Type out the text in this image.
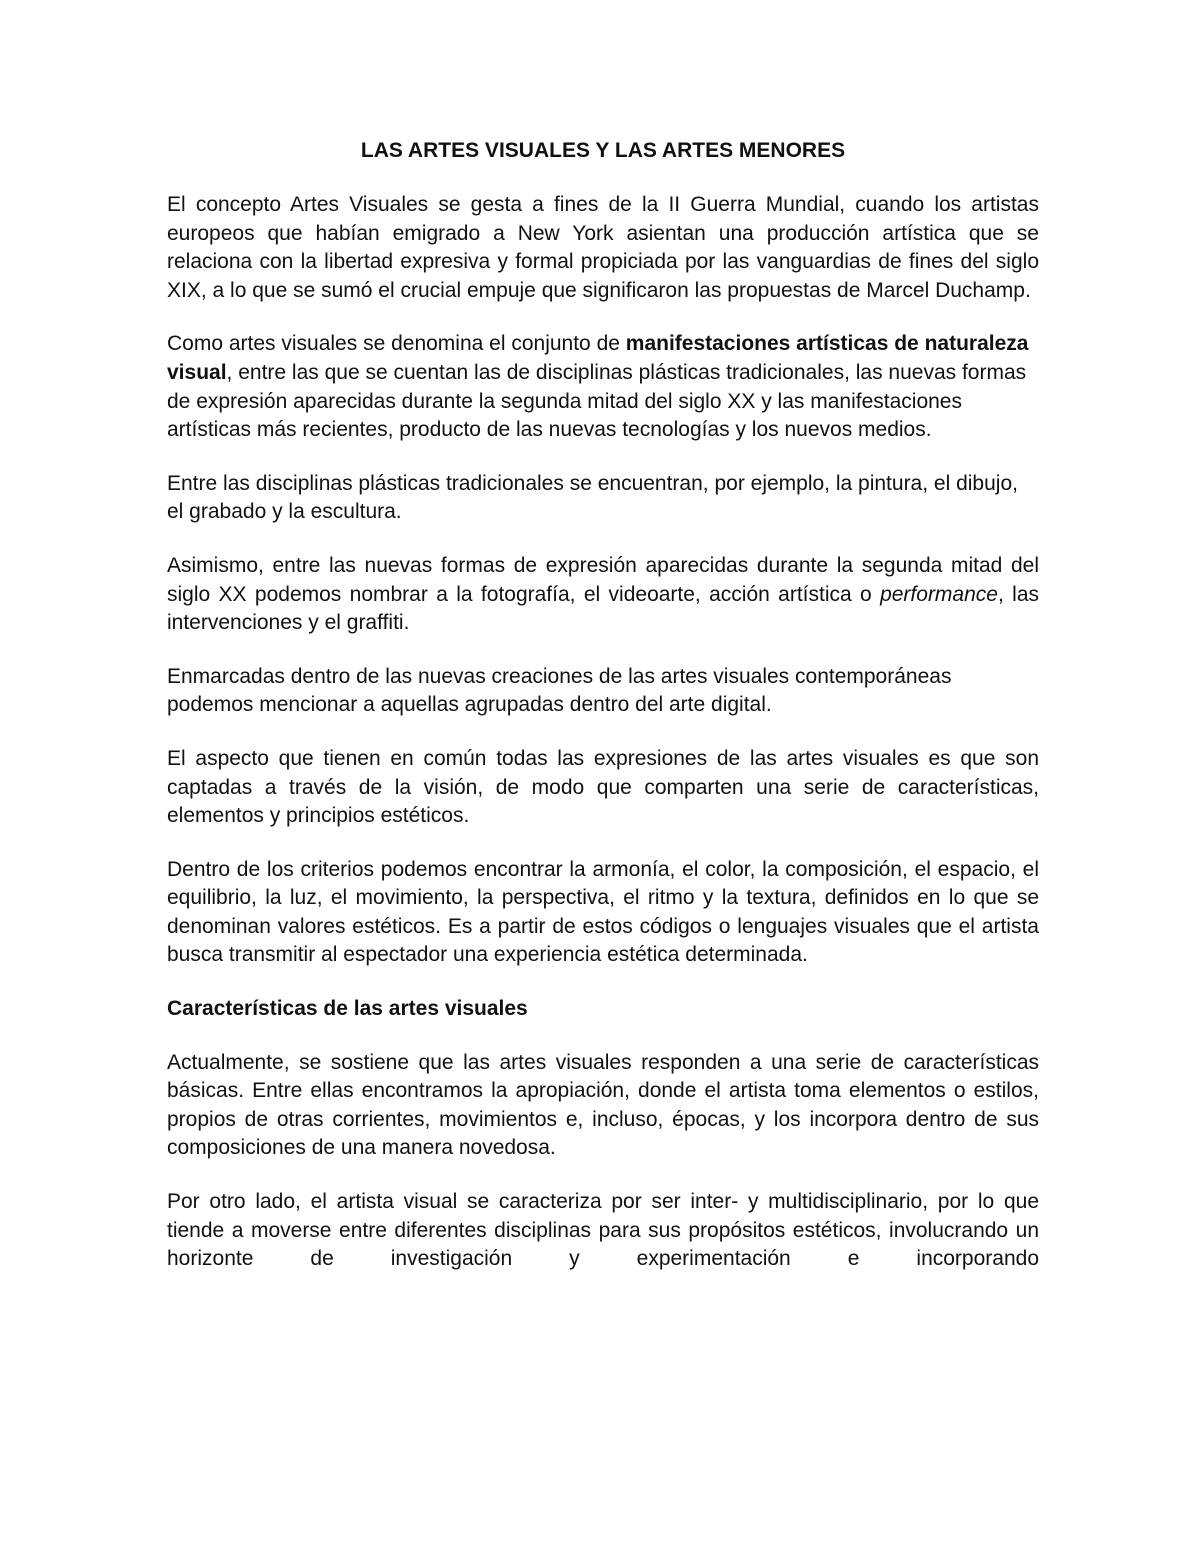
LAS ARTES VISUALES Y LAS ARTES MENORES

El concepto Artes Visuales se gesta a fines de la II Guerra Mundial, cuando los artistas europeos que habían emigrado a New York asientan una producción artística que se relaciona con la libertad expresiva y formal propiciada por las vanguardias de fines del siglo XIX, a lo que se sumó el crucial empuje que significaron las propuestas de Marcel Duchamp.

Como artes visuales se denomina el conjunto de manifestaciones artísticas de naturaleza visual, entre las que se cuentan las de disciplinas plásticas tradicionales, las nuevas formas de expresión aparecidas durante la segunda mitad del siglo XX y las manifestaciones artísticas más recientes, producto de las nuevas tecnologías y los nuevos medios.

Entre las disciplinas plásticas tradicionales se encuentran, por ejemplo, la pintura, el dibujo, el grabado y la escultura.

Asimismo, entre las nuevas formas de expresión aparecidas durante la segunda mitad del siglo XX podemos nombrar a la fotografía, el videoarte, acción artística o performance, las intervenciones y el graffiti.

Enmarcadas dentro de las nuevas creaciones de las artes visuales contemporáneas podemos mencionar a aquellas agrupadas dentro del arte digital.

El aspecto que tienen en común todas las expresiones de las artes visuales es que son captadas a través de la visión, de modo que comparten una serie de características, elementos y principios estéticos.

Dentro de los criterios podemos encontrar la armonía, el color, la composición, el espacio, el equilibrio, la luz, el movimiento, la perspectiva, el ritmo y la textura, definidos en lo que se denominan valores estéticos. Es a partir de estos códigos o lenguajes visuales que el artista busca transmitir al espectador una experiencia estética determinada.

Características de las artes visuales

Actualmente, se sostiene que las artes visuales responden a una serie de características básicas. Entre ellas encontramos la apropiación, donde el artista toma elementos o estilos, propios de otras corrientes, movimientos e, incluso, épocas, y los incorpora dentro de sus composiciones de una manera novedosa.

Por otro lado, el artista visual se caracteriza por ser inter- y multidisciplinario, por lo que tiende a moverse entre diferentes disciplinas para sus propósitos estéticos, involucrando un horizonte de investigación y experimentación e incorporando
